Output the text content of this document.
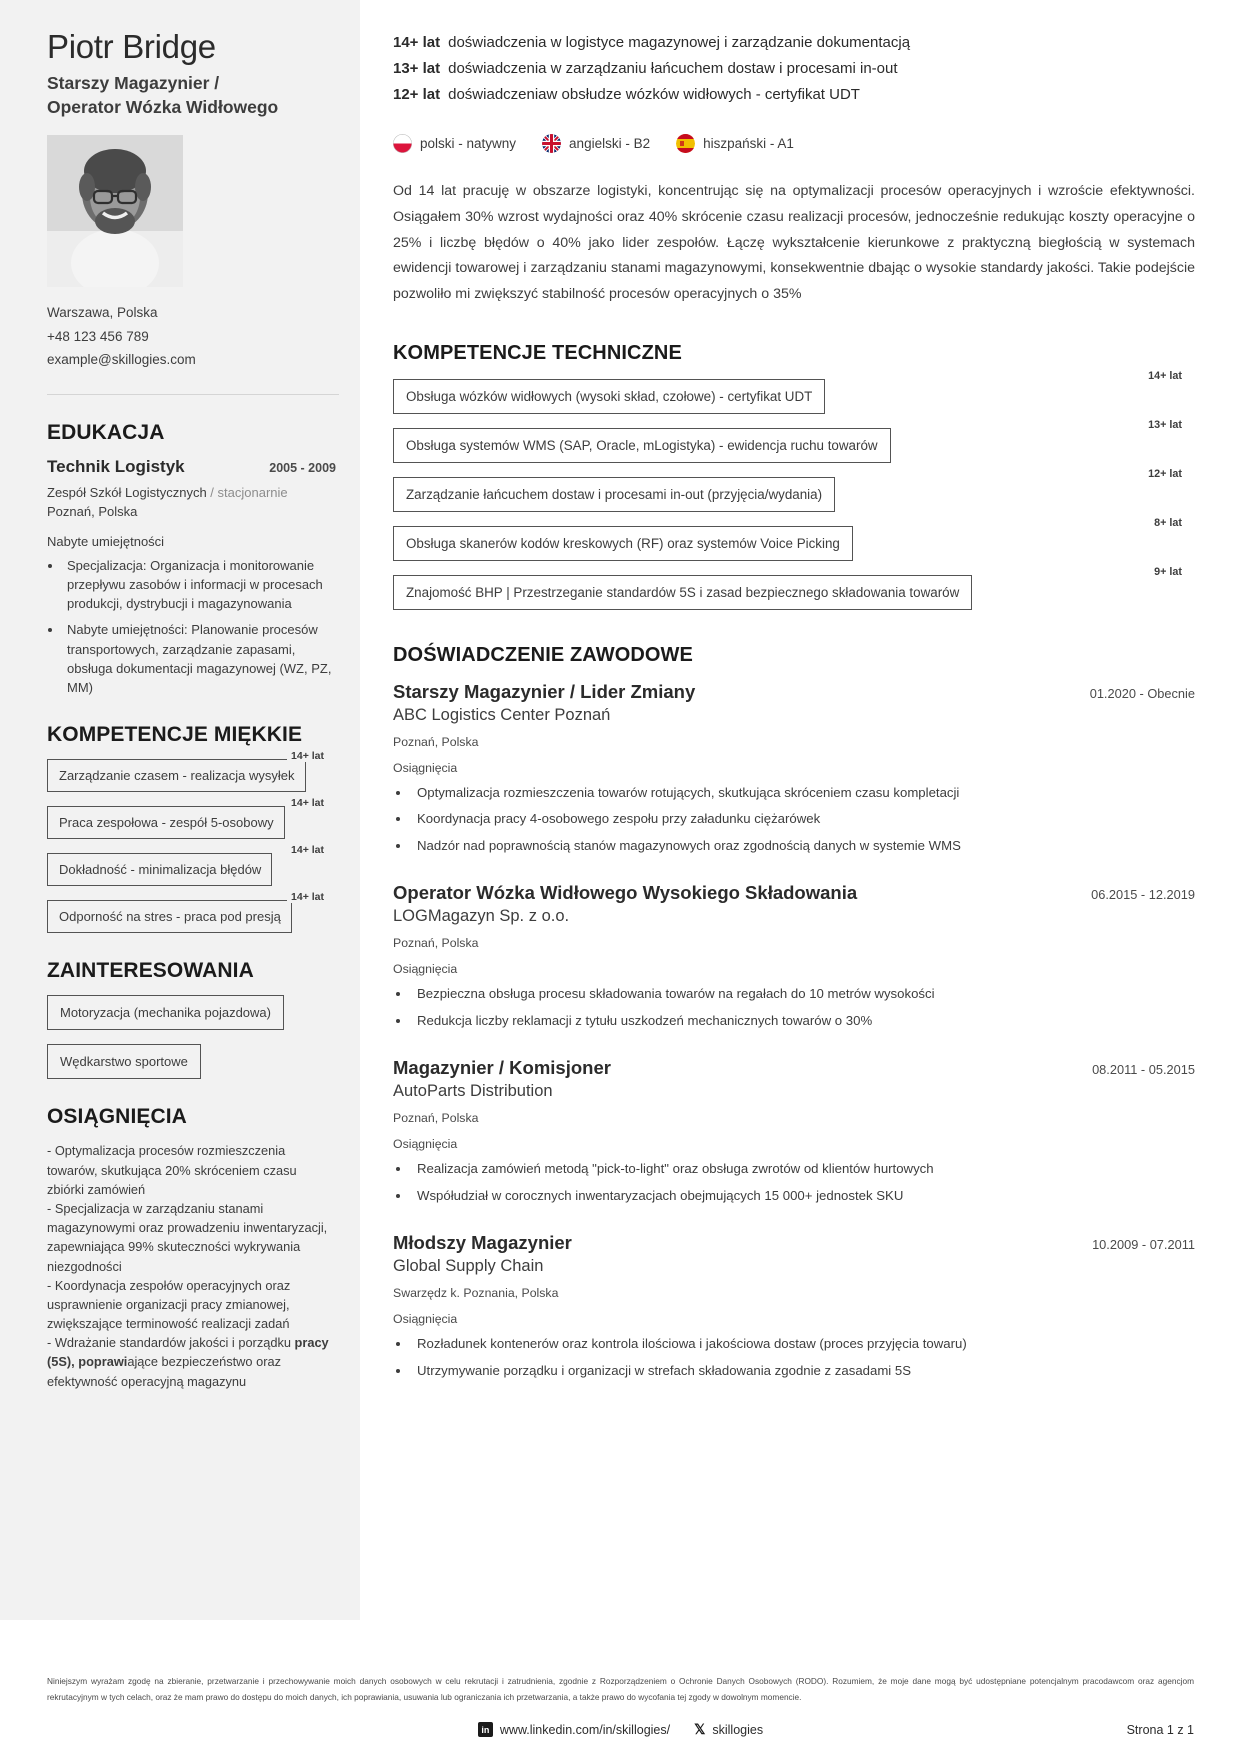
Piotr Bridge
Starszy Magazynier /
Operator Wózka Widłowego
Warszawa, Polska
+48 123 456 789
example@skillogies.com
EDUKACJA
Technik Logistyk	2005 - 2009
Zespół Szkół Logistycznych / stacjonarnie
Poznań, Polska
Nabyte umiejętności
• Specjalizacja: Organizacja i monitorowanie przepływu zasobów i informacji w procesach produkcji, dystrybucji i magazynowania
• Nabyte umiejętności: Planowanie procesów transportowych, zarządzanie zapasami, obsługa dokumentacji magazynowej (WZ, PZ, MM)
KOMPETENCJE MIĘKKIE
Zarządzanie czasem - realizacja wysyłek
14+ lat
Praca zespołowa - zespół 5-osobowy
14+ lat
Dokładność - minimalizacja błędów
14+ lat
Odporność na stres - praca pod presją
14+ lat
ZAINTERESOWANIA
Motoryzacja (mechanika pojazdowa)
Wędkarstwo sportowe
OSIĄGNIĘCIA

- Optymalizacja procesów rozmieszczenia towarów, skutkująca 20% skróceniem czasu zbiórki zamówień

- Specjalizacja w zarządzaniu stanami magazynowymi oraz prowadzeniu inwentaryzacji, zapewniająca 99% skuteczności wykrywania niezgodności

- Koordynacja zespołów operacyjnych oraz usprawnienie organizacji pracy zmianowej, zwiększające terminowość realizacji zadań

- Wdrażanie standardów jakości i porządku pracy (5S), poprawiające bezpieczeństwo oraz efektywność operacyjną magazynu

14+ lat doświadczenia w logistyce magazynowej i zarządzanie dokumentacją
13+ lat doświadczenia w zarządzaniu łańcuchem dostaw i procesami in-out
12+ lat doświadczeniaw obsłudze wózków widłowych - certyfikat UDT
polski - natywny	angielski - B2	hiszpański - A1
Od 14 lat pracuję w obszarze logistyki, koncentrując się na optymalizacji procesów operacyjnych i wzroście efektywności. Osiągałem 30% wzrost wydajności oraz 40% skrócenie czasu realizacji procesów, jednocześnie redukując koszty operacyjne o 25% i liczbę błędów o 40% jako lider zespołów. Łączę wykształcenie kierunkowe z praktyczną biegłością w systemach ewidencji towarowej i zarządzaniu stanami magazynowymi, konsekwentnie dbając o wysokie standardy jakości. Takie podejście pozwoliło mi zwiększyć stabilność procesów operacyjnych o 35%
KOMPETENCJE TECHNICZNE
Obsługa wózków widłowych (wysoki skład, czołowe) - certyfikat UDT
14+ lat
Obsługa systemów WMS (SAP, Oracle, mLogistyka) - ewidencja ruchu towarów
13+ lat
Zarządzanie łańcuchem dostaw i procesami in-out (przyjęcia/wydania)
12+ lat
Obsługa skanerów kodów kreskowych (RF) oraz systemów Voice Picking
8+ lat
Znajomość BHP | Przestrzeganie standardów 5S i zasad bezpiecznego składowania towarów
9+ lat
DOŚWIADCZENIE ZAWODOWE
Starszy Magazynier / Lider Zmiany	01.2020 - Obecnie
ABC Logistics Center Poznań
Poznań, Polska
Osiągnięcia
• Optymalizacja rozmieszczenia towarów rotujących, skutkująca skróceniem czasu kompletacji
• Koordynacja pracy 4-osobowego zespołu przy załadunku ciężarówek
• Nadzór nad poprawnością stanów magazynowych oraz zgodnością danych w systemie WMS
Operator Wózka Widłowego Wysokiego Składowania	06.2015 - 12.2019
LOGMagazyn Sp. z o.o.
Poznań, Polska
Osiągnięcia
• Bezpieczna obsługa procesu składowania towarów na regałach do 10 metrów wysokości
• Redukcja liczby reklamacji z tytułu uszkodzeń mechanicznych towarów o 30%
Magazynier / Komisjoner	08.2011 - 05.2015
AutoParts Distribution
Poznań, Polska
Osiągnięcia
• Realizacja zamówień metodą "pick-to-light" oraz obsługa zwrotów od klientów hurtowych
• Współudział w corocznych inwentaryzacjach obejmujących 15 000+ jednostek SKU
Młodszy Magazynier	10.2009 - 07.2011
Global Supply Chain
Swarzędz k. Poznania, Polska
Osiągnięcia
• Rozładunek kontenerów oraz kontrola ilościowa i jakościowa dostaw (proces przyjęcia towaru)
• Utrzymywanie porządku i organizacji w strefach składowania zgodnie z zasadami 5S
Niniejszym wyrażam zgodę na zbieranie, przetwarzanie i przechowywanie moich danych osobowych w celu rekrutacji i zatrudnienia, zgodnie z Rozporządzeniem o Ochronie Danych Osobowych (RODO). Rozumiem, że moje dane mogą być udostępniane potencjalnym pracodawcom oraz agencjom rekrutacyjnym w tych celach, oraz że mam prawo do dostępu do moich danych, ich poprawiania, usuwania lub ograniczania ich przetwarzania, a także prawo do wycofania tej zgody w dowolnym momencie.
in www.linkedin.com/in/skillogies/ 𝕏 skillogies	Strona 1 z 1
